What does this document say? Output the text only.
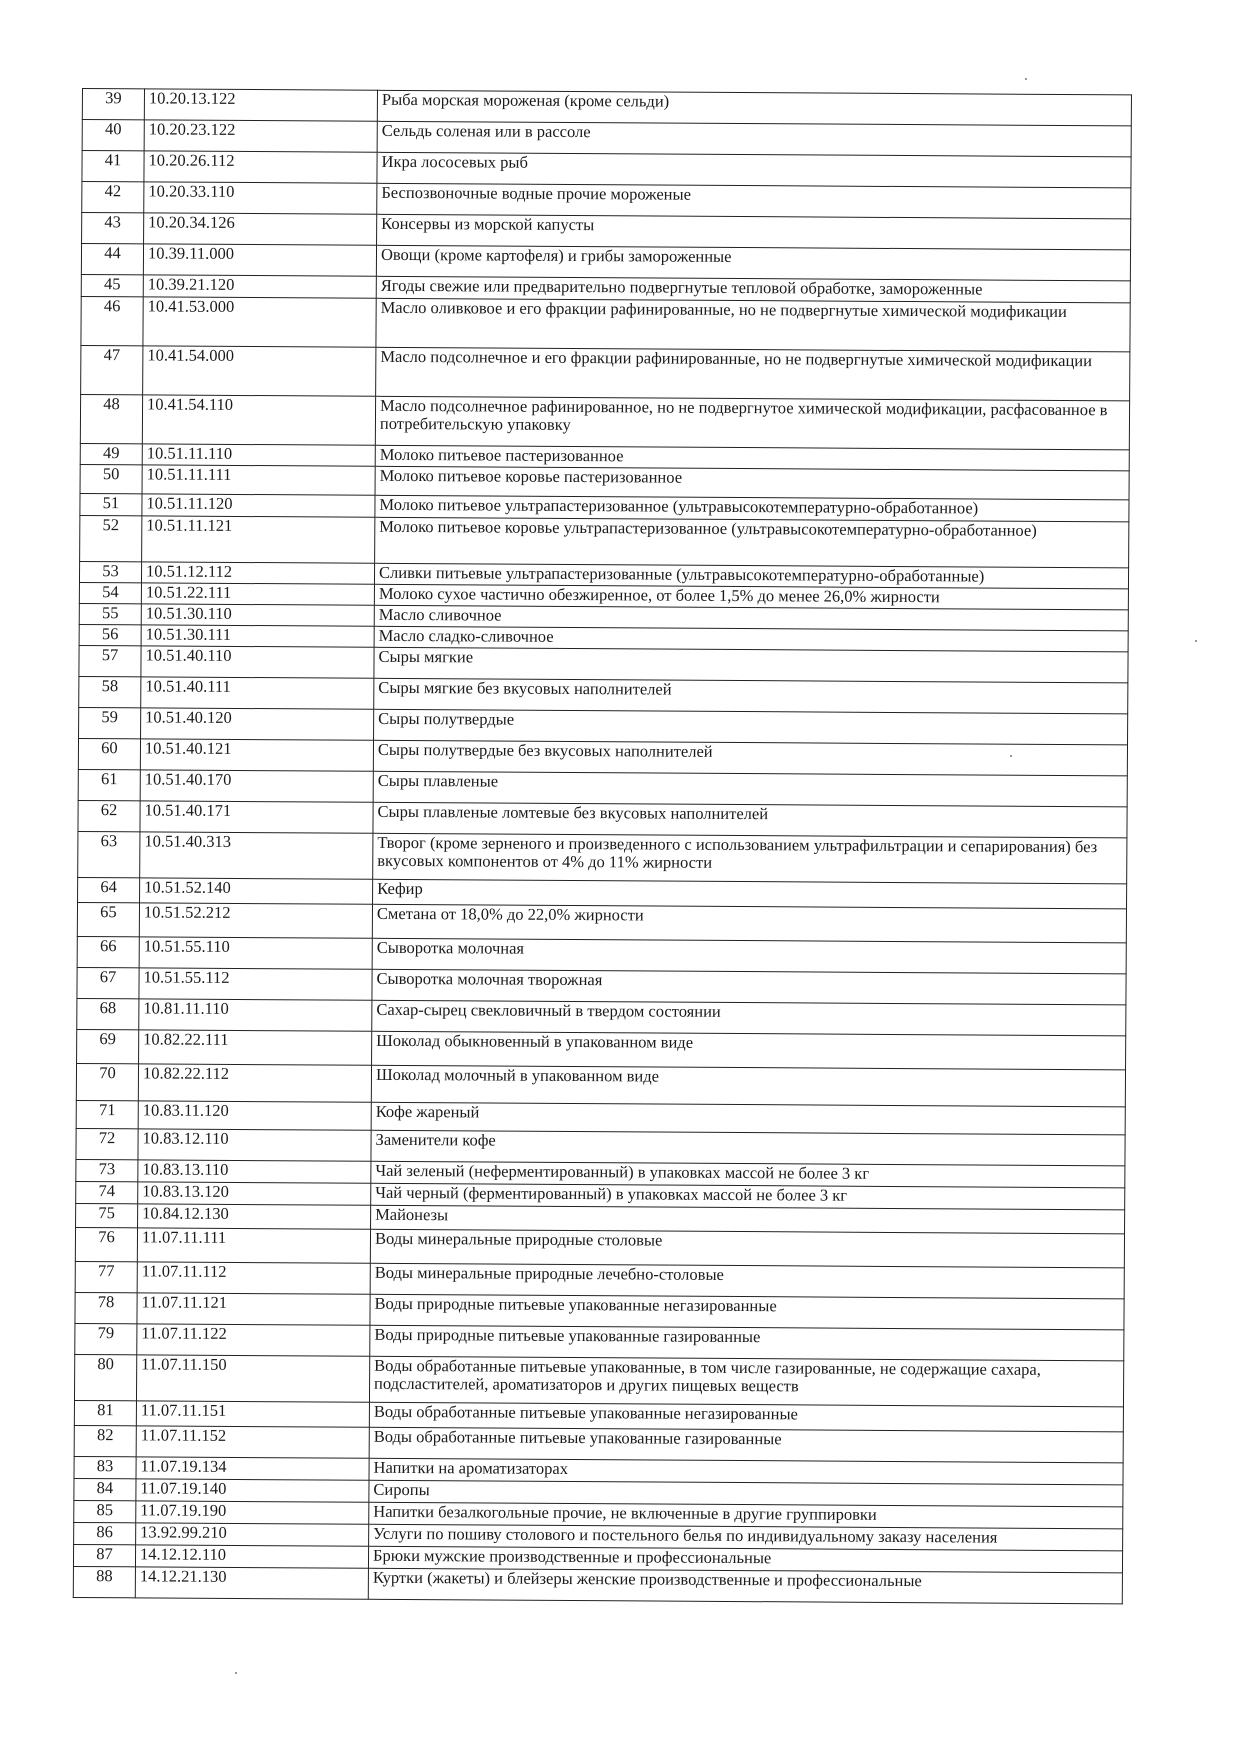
39	10.20.13.122	Рыба морская мороженая (кроме сельди)
40	10.20.23.122	Сельдь соленая или в рассоле
41	10.20.26.112	Икра лососевых рыб
42	10.20.33.110	Беспозвоночные водные прочие мороженые
43	10.20.34.126	Консервы из морской капусты
44	10.39.11.000	Овощи (кроме картофеля) и грибы замороженные
45	10.39.21.120	Ягоды свежие или предварительно подвергнутые тепловой обработке, замороженные
46	10.41.53.000	Масло оливковое и его фракции рафинированные, но не подвергнутые химической модификации
47	10.41.54.000	Масло подсолнечное и его фракции рафинированные, но не подвергнутые химической модификации
48	10.41.54.110	Масло подсолнечное рафинированное, но не подвергнутое химической модификации, расфасованное в потребительскую упаковку
49	10.51.11.110	Молоко питьевое пастеризованное
50	10.51.11.111	Молоко питьевое коровье пастеризованное
51	10.51.11.120	Молоко питьевое ультрапастеризованное (ультравысокотемпературно-обработанное)
52	10.51.11.121	Молоко питьевое коровье ультрапастеризованное (ультравысокотемпературно-обработанное)
53	10.51.12.112	Сливки питьевые ультрапастеризованные (ультравысокотемпературно-обработанные)
54	10.51.22.111	Молоко сухое частично обезжиренное, от более 1,5% до менее 26,0% жирности
55	10.51.30.110	Масло сливочное
56	10.51.30.111	Масло сладко-сливочное
57	10.51.40.110	Сыры мягкие
58	10.51.40.111	Сыры мягкие без вкусовых наполнителей
59	10.51.40.120	Сыры полутвердые
60	10.51.40.121	Сыры полутвердые без вкусовых наполнителей
61	10.51.40.170	Сыры плавленые
62	10.51.40.171	Сыры плавленые ломтевые без вкусовых наполнителей
63	10.51.40.313	Творог (кроме зерненого и произведенного с использованием ультрафильтрации и сепарирования) без вкусовых компонентов от 4% до 11% жирности
64	10.51.52.140	Кефир
65	10.51.52.212	Сметана от 18,0% до 22,0% жирности
66	10.51.55.110	Сыворотка молочная
67	10.51.55.112	Сыворотка молочная творожная
68	10.81.11.110	Сахар-сырец свекловичный в твердом состоянии
69	10.82.22.111	Шоколад обыкновенный в упакованном виде
70	10.82.22.112	Шоколад молочный в упакованном виде
71	10.83.11.120	Кофе жареный
72	10.83.12.110	Заменители кофе
73	10.83.13.110	Чай зеленый (неферментированный) в упаковках массой не более 3 кг
74	10.83.13.120	Чай черный (ферментированный) в упаковках массой не более 3 кг
75	10.84.12.130	Майонезы
76	11.07.11.111	Воды минеральные природные столовые
77	11.07.11.112	Воды минеральные природные лечебно-столовые
78	11.07.11.121	Воды природные питьевые упакованные негазированные
79	11.07.11.122	Воды природные питьевые упакованные газированные
80	11.07.11.150	Воды обработанные питьевые упакованные, в том числе газированные, не содержащие сахара, подсластителей, ароматизаторов и других пищевых веществ
81	11.07.11.151	Воды обработанные питьевые упакованные негазированные
82	11.07.11.152	Воды обработанные питьевые упакованные газированные
83	11.07.19.134	Напитки на ароматизаторах
84	11.07.19.140	Сиропы
85	11.07.19.190	Напитки безалкогольные прочие, не включенные в другие группировки
86	13.92.99.210	Услуги по пошиву столового и постельного белья по индивидуальному заказу населения
87	14.12.12.110	Брюки мужские производственные и профессиональные
88	14.12.21.130	Куртки (жакеты) и блейзеры женские производственные и профессиональные
